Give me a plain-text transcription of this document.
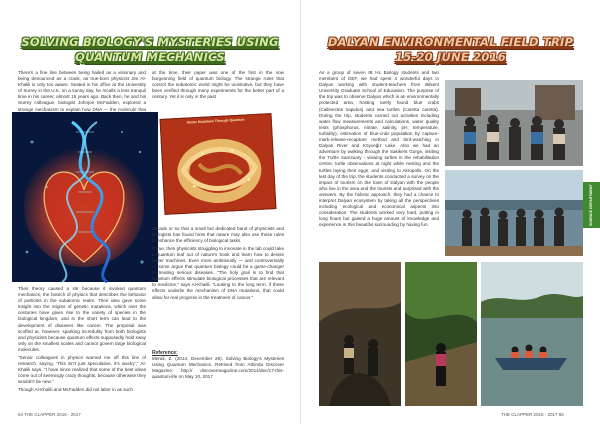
SOLVING BIOLOGY'S MYSTERIES USING
QUANTUM MECHANICS
There's a fine line between being hailed as a visionary and being denounced as a crank, as true-born physicist Jim Al-Khalili is only too aware. Seated in his office at the University of Surrey in the U.K. on a sunny day, he recalls a less tranquil time in his career, almost 15 years ago. Back then, he and his Surrey colleague, biologist Johnjoe McFadden, explored a strange mechanism to explain how DNA — the molecule that
at the time, their paper was one of the first in the now burgeoning field of quantum biology. The strange rules that control the subatomic world might be uninitutive, but they have been verified through many experiments for the better part of a century. Yet it is only in the past
Better Mutations Through Quantum

Their theory caused a stir because it invoked quantum mechanics, the branch of physics that describes the behavior of particles in the subatomic realm. Their idea gave some insight into the origins of genetic mutations, which over the centuries have given rise to the variety of species in the biological kingdom, and in the short term can lead to the development of diseases like cancer. The proposal was scoffed at, however, sparking incredulity from both biologists and physicists because quantum effects supposedly hold sway only on the smallest scales and cannot govern large biological molecules.

"Senior colleagues in physics warned me off this line of research, saying, 'This isn't just speculative, it's wacky'," Al-Khalili says. "I have since realized that some of the best ideas come out of seemingly crazy thoughts, because otherwise they wouldn't be new."

Though Al-Khalili and McFadden did not labor in as such

decade or so that a small but dedicated band of physicists and biologists has found hints that nature may also use these rules to enhance the efficiency of biological tasks.

If true, then physicists struggling to innovate in the lab could take a quantum leaf out of nature's book and learn how to devise better machines. Even more ambitiously — and controversially — some argue that quantum biology could be a game-changer in treating serious diseases. "The holy grail is to find that quantum effects stimulate biological processes that are relevant to medicine," says Al-Khalili. "Looking to the long term, if these effects underlie the mechanism of DNA mutations, that could allow for real progress in the treatment of cancer."

Reference:
Merali, Z. (2014, December 29). Solving Biology's Mysteries Using Quantum Mechanics. Retrived from Athinda Discover Magazine: http:// discovermagazine.com/2014/dec/17-this-quantum-life on May 10, 2017
64 THE CLAPPER 2016 - 2017
DALYAN ENVIRONMENTAL FIELD TRIP
15-20 JUNE 2016

As a group of seven IB HL Biology students and two members of GEF, we had spent 4 wonderful days in Dalyan working with student-teachers from Bilkent University Graduate School of Education. The purpose of the trip was to observe Dalyan which is an environmentally protected area, hosting rarely found blue crabs (Callinectes sapidus) and sea turtles (Caretta caretta). During the trip, students carried out activities including water flow measurements and calculations, water quality tests (phosphorus, nitrate, salinity, pH, temperature, turbidity), estimation of blue-crab population by capture-mark-release-recapture method and bird-watching in Dalyan River and Köyceğiz Lake. Also we had an adventure by walking through the Sakikent Gorge, visiting the Turtle Sanctuary - viewing turtles in the rehabilitation centre, turtle observations at night while nesting and the turtles laying their eggs, and visiting to Akropolis. On the last day of the trip, the students conducted a survey on the impact of tourism on the town of Dalyan with the people who live in the area and the tourists and surprised with the answers. By the holistic approach, they had a chance to interpret Dalyan ecosystem by taking all the perspectives including ecological and economical aspects into consideration. The students worked very hard, putting in long hours but gained a huge amount of knowledge and experience in this beautiful surrounding by having fun.

THE CLAPPER 2016 - 2017 65
SCIENCE DEPARTMENT
